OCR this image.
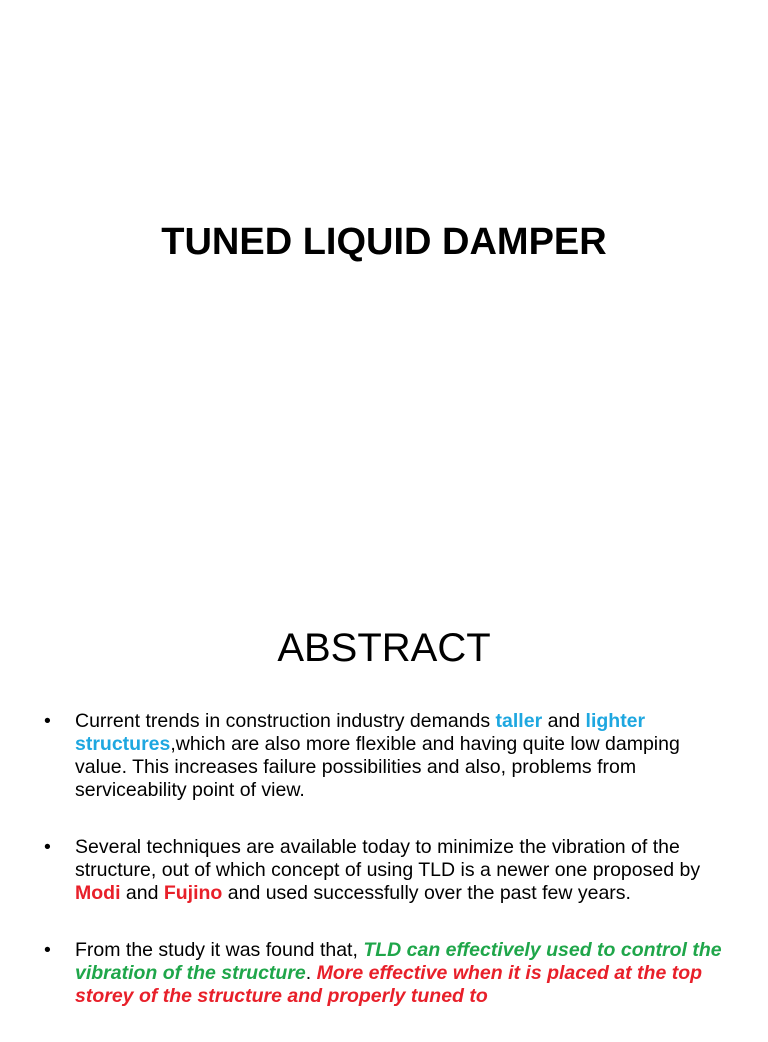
TUNED LIQUID DAMPER
ABSTRACT
•	Current trends in construction industry demands taller and lighter structures,which are also more flexible and having quite low damping value. This increases failure possibilities and also, problems from serviceability point of view.
•	Several techniques are available today to minimize the vibration of the structure, out of which concept of using TLD is a newer one proposed by Modi and Fujino and used successfully over the past few years.
•	From the study it was found that, TLD can effectively used to control the vibration of the structure. More effective when it is placed at the top storey of the structure and properly tuned to
